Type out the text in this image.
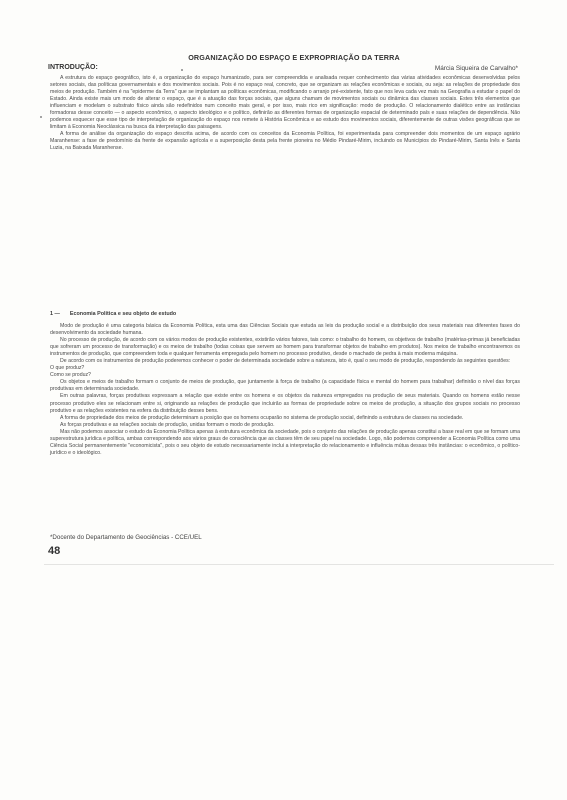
ORGANIZAÇÃO DO ESPAÇO E EXPROPRIAÇÃO DA TERRA
INTRODUÇÃO:	Márcia Siqueira de Carvalho*

A estrutura do espaço geográfico, isto é, a organização do espaço humanizado, para ser compreendida e analisada requer conhecimento das várias atividades econômicas desenvolvidas pelos setores sociais, das políticas governamentais e dos movimentos sociais. Pois é no espaço real, concreto, que se organizam as relações econômicas e sociais, ou seja: as relações de propriedade dos meios de produção. Também é na "epiderme da Terra" que se implantam as políticas econômicas, modificando o arranjo pré-existente, fato que nos leva cada vez mais na Geografia a estudar o papel do Estado. Ainda existe mais um modo de alterar o espaço, que é a atuação das forças sociais, que alguns chamam de movimentos sociais ou dinâmica das classes sociais. Estes três elementos que influenciam e modelam o substrato físico ainda são redefinidos num conceito mais geral, e por isso, mais rico em significação: modo de produção. O relacionamento dialético entre as instâncias formadoras desse conceito — o aspecto econômico, o aspecto ideológico e o político, definirão as diferentes formas de organização espacial de determinado país e suas relações de dependência. Não podemos esquecer que esse tipo de interpretação de organização do espaço nos remete à História Econômica e ao estudo dos movimentos sociais, diferentemente de outras visões geográficas que se limitam à Economia Neoclássica na busca da interpretação das paisagens.

A forma de análise da organização do espaço descrita acima, de acordo com os conceitos da Economia Política, foi experimentada para compreender dois momentos de um espaço agrário Maranhense: a fase de predomínio da frente de expansão agrícola e a superposição desta pela frente pioneira no Médio Pindaré-Mirim, incluindo os Municípios do Pindaré-Mirim, Santa Inês e Santa Luzia, na Baixada Maranhense.

1 — Economia Política e seu objeto de estudo

Modo de produção é uma categoria básica da Economia Política, esta uma das Ciências Sociais que estuda as leis da produção social e a distribuição dos seus materiais nas diferentes fases do desenvolvimento da sociedade humana.

No processo de produção, de acordo com os vários modos de produção existentes, existirão vários fatores, tais como: o trabalho do homem, os objetivos de trabalho (matérias-primas já beneficiadas que sofreram um processo de transformação) e os meios de trabalho (todas coisas que servem ao homem para transformar objetos de trabalho em produtos). Nos meios de trabalho encontraremos os instrumentos de produção, que compreendem toda e qualquer ferramenta empregada pelo homem no processo produtivo, desde o machado de pedra à mais moderna máquina.

De acordo com os instrumentos de produção poderemos conhecer o poder de determinada sociedade sobre a natureza, isto é, qual o seu modo de produção, respondendo às seguintes questões:

O que produz?

Como se produz?

Os objetos e meios de trabalho formam o conjunto de meios de produção, que juntamente à força de trabalho (a capacidade física e mental do homem para trabalhar) definirão o nível das forças produtivas em determinada sociedade.

Em outras palavras, forças produtivas expressam a relação que existe entre os homens e os objetos da natureza empregados na produção de seus materiais. Quando os homens estão nesse processo produtivo eles se relacionam entre si, originando as relações de produção que incluirão as formas de propriedade sobre os meios de produção, a situação dos grupos sociais no processo produtivo e as relações existentes na esfera da distribuição desses bens.

A forma de propriedade dos meios de produção determinam a posição que os homens ocuparão no sistema de produção social, definindo a estrutura de classes na sociedade.

As forças produtivas e as relações sociais de produção, unidas formam o modo de produção.

Mas não podemos associar o estudo da Economia Política apenas à estrutura econômica da sociedade, pois o conjunto das relações de produção apenas constitui a base real em que se formam uma superestrutura jurídica e política, ambas correspondendo aos vários graus de consciência que as classes têm de seu papel na sociedade. Logo, não podemos compreender a Economia Política como uma Ciência Social permanentemente "economicista", pois o seu objeto de estudo necessariamente inclui a interpretação do relacionamento e influência mútua dessas três instâncias: o econômico, o político-jurídico e o ideológico.

*Docente do Departamento de Geociências - CCE/UEL
48
